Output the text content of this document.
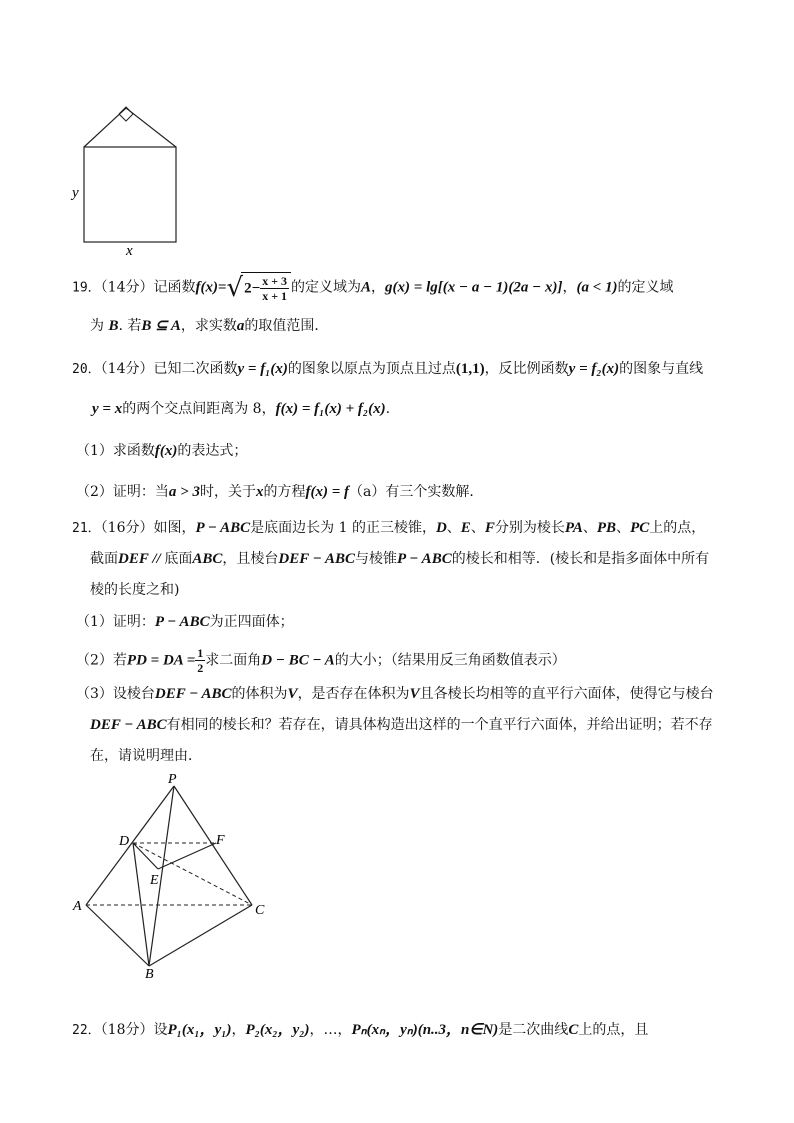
y
x
19．（14分）记函数$f(x)=√2- \frac{x + 3}{x + 1}$ 的定义域为A，g(x) = lg[(x − a − 1)(2a − x)]，(a < 1)的定义域
为 B. 若B ⊆ A，求实数a的取值范围．
20．（14分）已知二次函数y = f₁(x)的图象以原点为顶点且过点(1,1)，反比例函数y = f₂(x)的图象与直线
y = x的两个交点间距离为 8，f(x) = f₁(x) + f₂(x).
（1）求函数f(x)的表达式；
（2）证明：当a > 3时，关于x的方程f(x) = f（a）有三个实数解．
21．（16分）如图，P − ABC是底面边长为 1 的正三棱锥，D、E、F分别为棱长PA、PB、PC上的点，
截面DEF // 底面ABC，且棱台DEF − ABC与棱锥P − ABC的棱长和相等．(棱长和是指多面体中所有
棱的长度之和)
（1）证明：P − ABC为正四面体；
（2）若PD = DA = $\frac{1}{2}$ 求二面角D − BC − A的大小；（结果用反三角函数值表示）
（3）设棱台DEF − ABC的体积为V，是否存在体积为V且各棱长均相等的直平行六面体，使得它与棱台
DEF − ABC有相同的棱长和？若存在，请具体构造出这样的一个直平行六面体，并给出证明；若不存
在，请说明理由．
P
D	F
E
A	C
B
22．（18分）设P₁(x₁，y₁)，P₂(x₂，y₂)，…，Pₙ(xₙ，yₙ)(n..3，n∈N)是二次曲线C上的点，且
